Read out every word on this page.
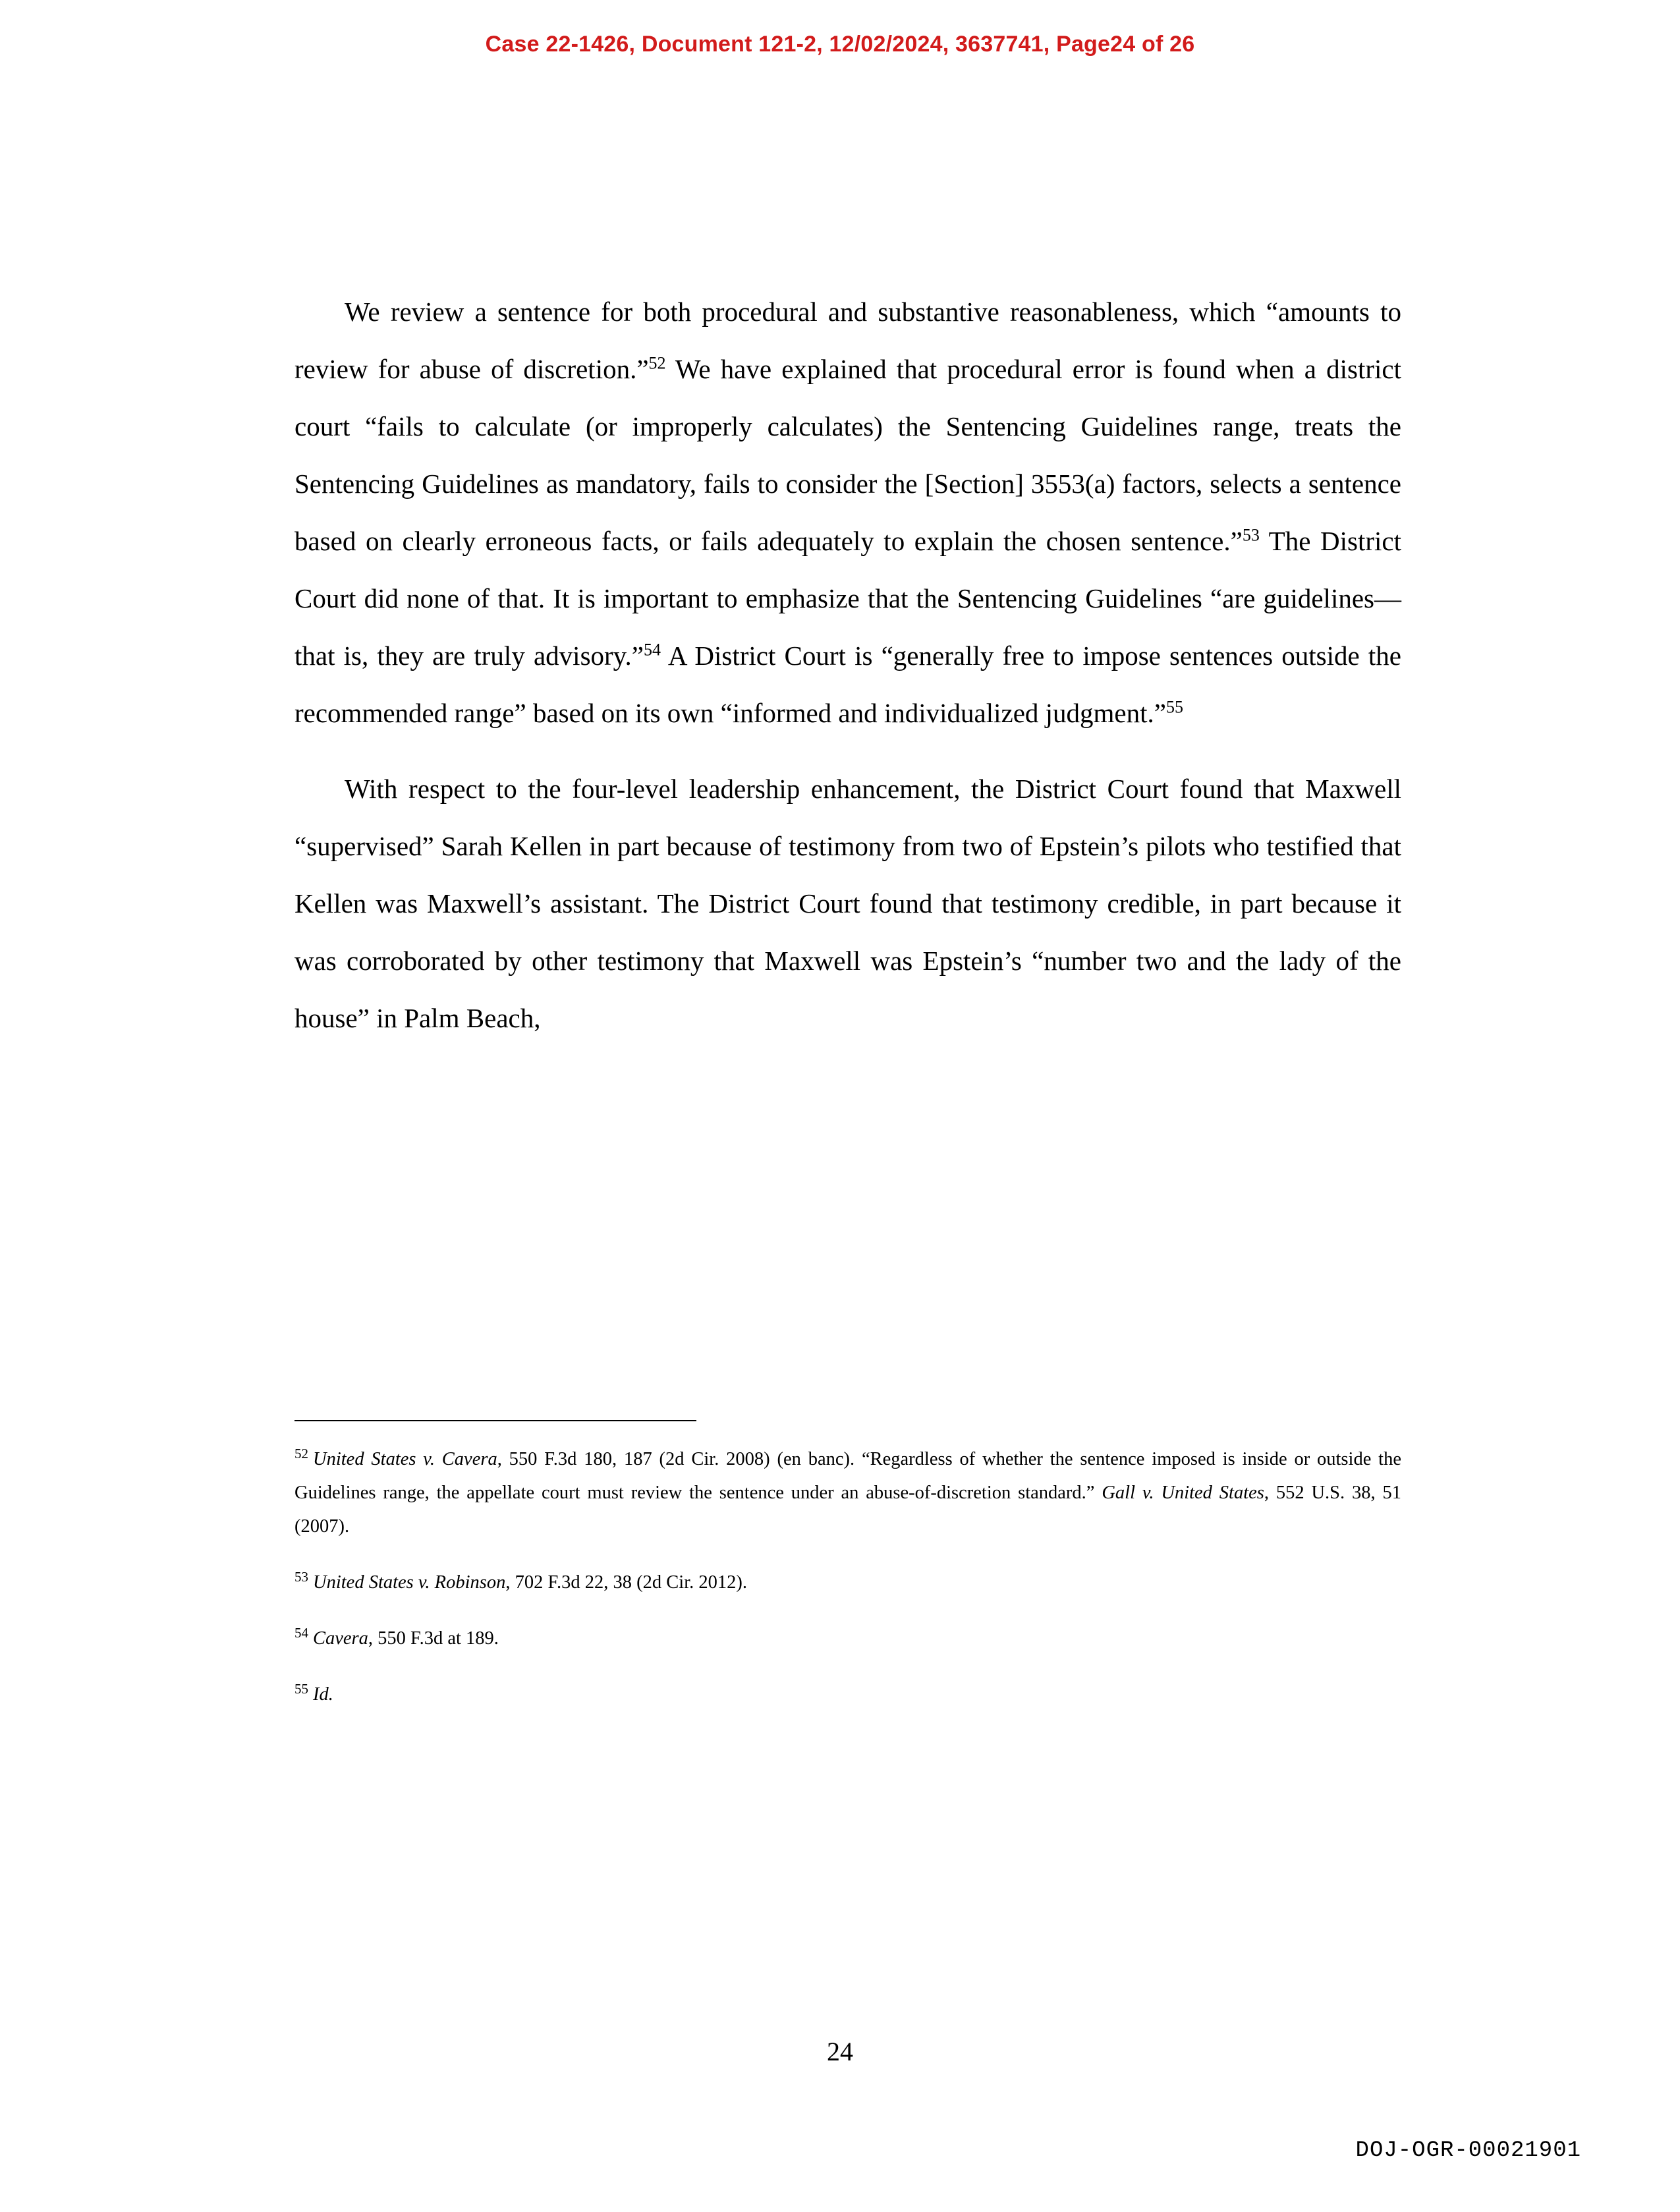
Case 22-1426, Document 121-2, 12/02/2024, 3637741, Page24 of 26

We review a sentence for both procedural and substantive reasonableness, which “amounts to review for abuse of discretion.”$^{52}$ We have explained that procedural error is found when a district court “fails to calculate (or improperly calculates) the Sentencing Guidelines range, treats the Sentencing Guidelines as mandatory, fails to consider the [Section] 3553(a) factors, selects a sentence based on clearly erroneous facts, or fails adequately to explain the chosen sentence.”$^{53}$ The District Court did none of that. It is important to emphasize that the Sentencing Guidelines “are guidelines—that is, they are truly advisory.”$^{54}$ A District Court is “generally free to impose sentences outside the recommended range” based on its own “informed and individualized judgment.”$^{55}$

With respect to the four-level leadership enhancement, the District Court found that Maxwell “supervised” Sarah Kellen in part because of testimony from two of Epstein’s pilots who testified that Kellen was Maxwell’s assistant. The District Court found that testimony credible, in part because it was corroborated by other testimony that Maxwell was Epstein’s “number two and the lady of the house” in Palm Beach,

$^{52}$ United States v. Cavera, 550 F.3d 180, 187 (2d Cir. 2008) (en banc). “Regardless of whether the sentence imposed is inside or outside the Guidelines range, the appellate court must review the sentence under an abuse-of-discretion standard.” Gall v. United States, 552 U.S. 38, 51 (2007).

$^{53}$ United States v. Robinson, 702 F.3d 22, 38 (2d Cir. 2012).

$^{54}$ Cavera, 550 F.3d at 189.

$^{55}$ Id.

24
DOJ-OGR-00021901
